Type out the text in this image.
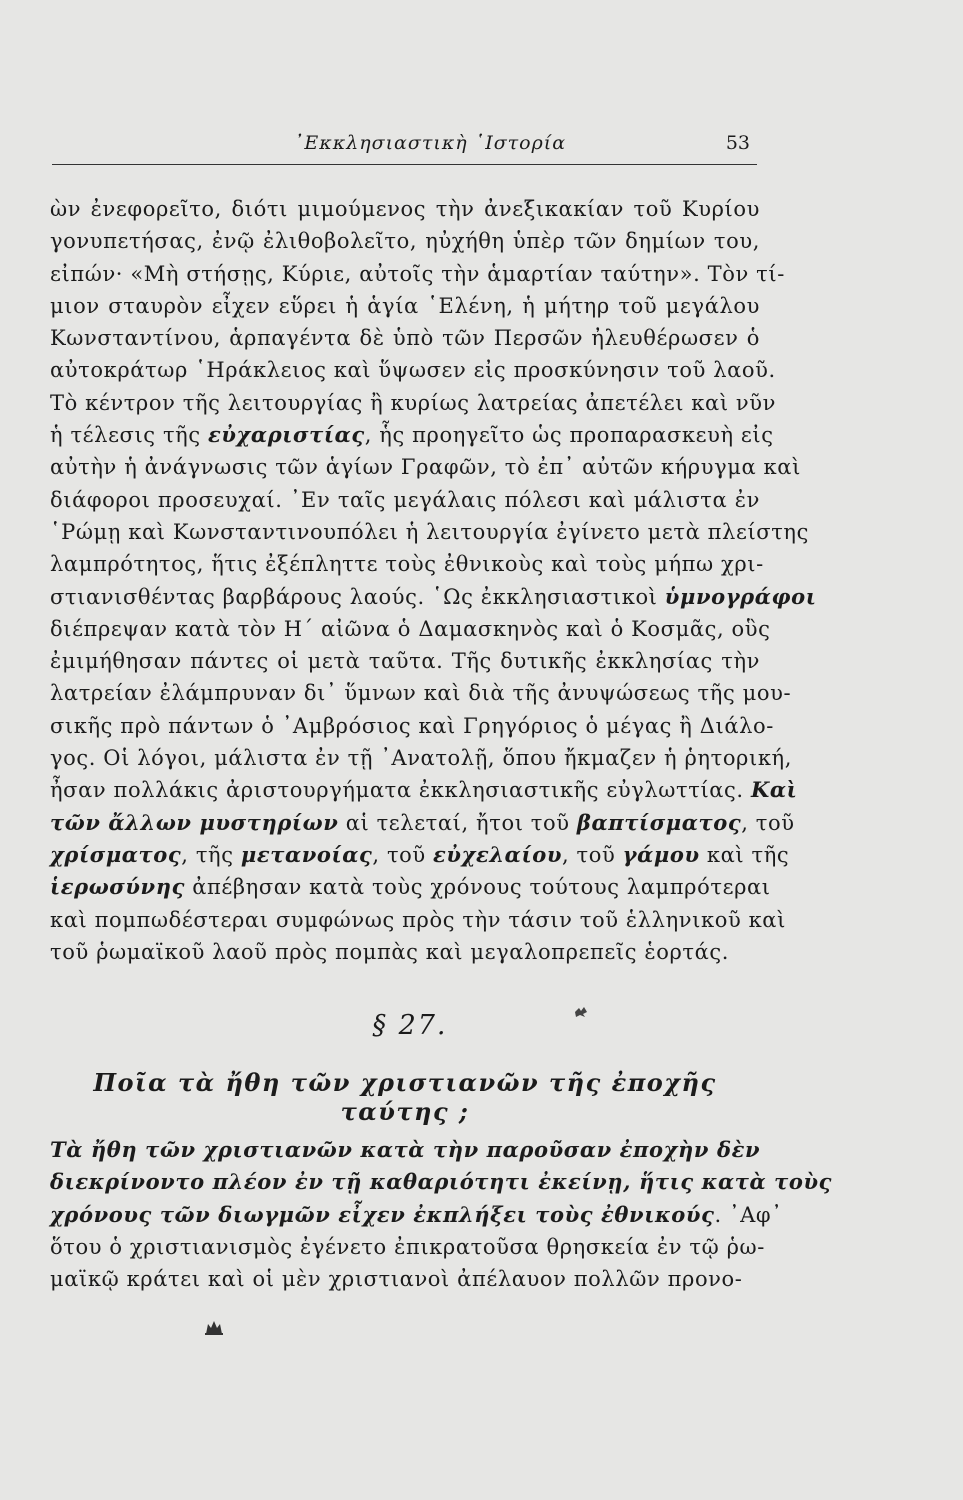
᾿Εκκλησιαστικὴ ῾Ιστορία	53
ὼν ἐνεφορεῖτο, διότι μιμούμενος τὴν ἀνεξικακίαν τοῦ Κυρίου
γονυπετήσας, ἐνῷ ἐλιθοβολεῖτο, ηὐχήθη ὑπὲρ τῶν δημίων του,
εἰπών· «Μὴ στήσῃς, Κύριε, αὐτοῖς τὴν ἁμαρτίαν ταύτην». Τὸν τί-
μιον σταυρὸν εἶχεν εὕρει ἡ ἁγία ῾Ελένη, ἡ μήτηρ τοῦ μεγάλου
Κωνσταντίνου, ἁρπαγέντα δὲ ὑπὸ τῶν Περσῶν ἠλευθέρωσεν ὁ
αὐτοκράτωρ ῾Ηράκλειος καὶ ὕψωσεν εἰς προσκύνησιν τοῦ λαοῦ.
Τὸ κέντρον τῆς λειτουργίας ἢ κυρίως λατρείας ἀπετέλει καὶ νῦν
ἡ τέλεσις τῆς εὐχαριστίας, ἧς προηγεῖτο ὡς προπαρασκευὴ εἰς
αὐτὴν ἡ ἀνάγνωσις τῶν ἁγίων Γραφῶν, τὸ ἐπ᾿ αὐτῶν κήρυγμα καὶ
διάφοροι προσευχαί. ᾿Εν ταῖς μεγάλαις πόλεσι καὶ μάλιστα ἐν
῾Ρώμῃ καὶ Κωνσταντινουπόλει ἡ λειτουργία ἐγίνετο μετὰ πλείστης
λαμπρότητος, ἥτις ἐξέπληττε τοὺς ἐθνικοὺς καὶ τοὺς μήπω χρι-
στιανισθέντας βαρβάρους λαούς. ῾Ως ἐκκλησιαστικοὶ ὑμνογράφοι
διέπρεψαν κατὰ τὸν Η΄ αἰῶνα ὁ Δαμασκηνὸς καὶ ὁ Κοσμᾶς, οὓς
ἐμιμήθησαν πάντες οἱ μετὰ ταῦτα. Τῆς δυτικῆς ἐκκλησίας τὴν
λατρείαν ἐλάμπρυναν δι᾿ ὕμνων καὶ διὰ τῆς ἀνυψώσεως τῆς μου-
σικῆς πρὸ πάντων ὁ ᾿Αμβρόσιος καὶ Γρηγόριος ὁ μέγας ἢ Διάλο-
γος. Οἱ λόγοι, μάλιστα ἐν τῇ ᾿Ανατολῇ, ὅπου ἤκμαζεν ἡ ῥητορική,
ἦσαν πολλάκις ἀριστουργήματα ἐκκλησιαστικῆς εὐγλωττίας. Καὶ
τῶν ἄλλων μυστηρίων αἱ τελεταί, ἤτοι τοῦ βαπτίσματος, τοῦ
χρίσματος, τῆς μετανοίας, τοῦ εὐχελαίου, τοῦ γάμου καὶ τῆς
ἱερωσύνης ἀπέβησαν κατὰ τοὺς χρόνους τούτους λαμπρότεραι
καὶ πομπωδέστεραι συμφώνως πρὸς τὴν τάσιν τοῦ ἑλληνικοῦ καὶ
τοῦ ῥωμαϊκοῦ λαοῦ πρὸς πομπὰς καὶ μεγαλοπρεπεῖς ἑορτάς.
§ 27.
Ποῖα τὰ ἤθη τῶν χριστιανῶν τῆς ἐποχῆς ταύτης ;
Τὰ ἤθη τῶν χριστιανῶν κατὰ τὴν παροῦσαν ἐποχὴν δὲν
διεκρίνοντο πλέον ἐν τῇ καθαριότητι ἐκείνῃ, ἥτις κατὰ τοὺς
χρόνους τῶν διωγμῶν εἶχεν ἐκπλήξει τοὺς ἐθνικούς. ᾿Αφ᾿
ὅτου ὁ χριστιανισμὸς ἐγένετο ἐπικρατοῦσα θρησκεία ἐν τῷ ῥω-
μαϊκῷ κράτει καὶ οἱ μὲν χριστιανοὶ ἀπέλαυον πολλῶν προνο-
